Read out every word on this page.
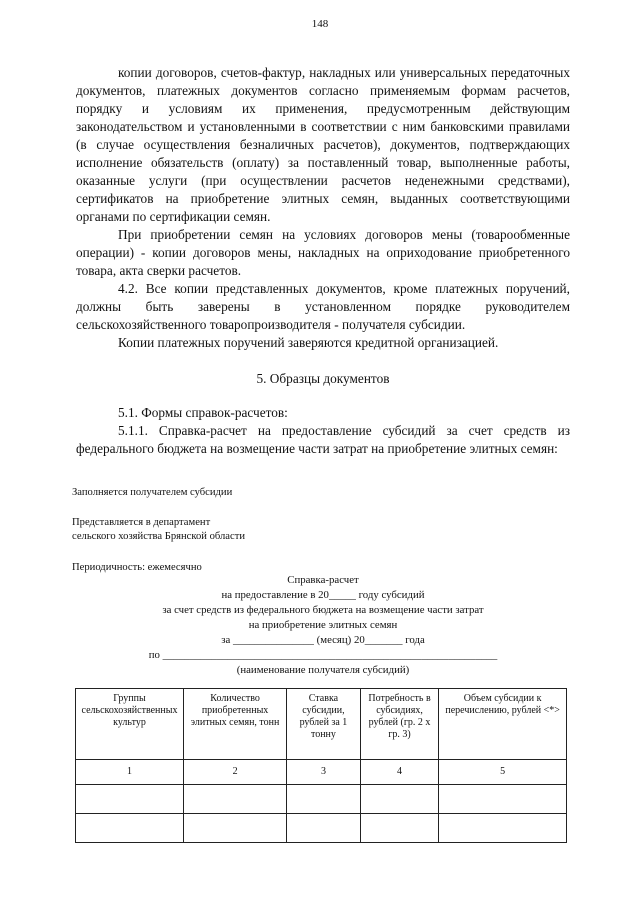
148

копии договоров, счетов-фактур, накладных или универсальных передаточных документов, платежных документов согласно применяемым формам расчетов, порядку и условиям их применения, предусмотренным действующим законодательством и установленными в соответствии с ним банковскими правилами (в случае осуществления безналичных расчетов), документов, подтверждающих исполнение обязательств (оплату) за поставленный товар, выполненные работы, оказанные услуги (при осуществлении расчетов неденежными средствами), сертификатов на приобретение элитных семян, выданных соответствующими органами по сертификации семян.

При приобретении семян на условиях договоров мены (товарообменные операции) - копии договоров мены, накладных на оприходование приобретенного товара, акта сверки расчетов.

4.2. Все копии представленных документов, кроме платежных поручений, должны быть заверены в установленном порядке руководителем сельскохозяйственного товаропроизводителя - получателя субсидии.

Копии платежных поручений заверяются кредитной организацией.

5. Образцы документов

5.1. Формы справок-расчетов:

5.1.1. Справка-расчет на предоставление субсидий за счет средств из федерального бюджета на возмещение части затрат на приобретение элитных семян:

Заполняется получателем субсидии
Представляется в департамент
сельского хозяйства Брянской области
Периодичность: ежемесячно
Справка-расчет
на предоставление в 20_____ году субсидий
за счет средств из федерального бюджета на возмещение части затрат
на приобретение элитных семян
за _______________ (месяц) 20_______ года
по ______________________________________________________________
(наименование получателя субсидий)
Группы сельскохозяйственных культур	Количество приобретенных элитных семян, тонн	Ставка субсидии, рублей за 1 тонну	Потребность в субсидиях, рублей (гр. 2 х гр. 3)	Объем субсидии к перечислению, рублей <*>
1	2	3	4	5
